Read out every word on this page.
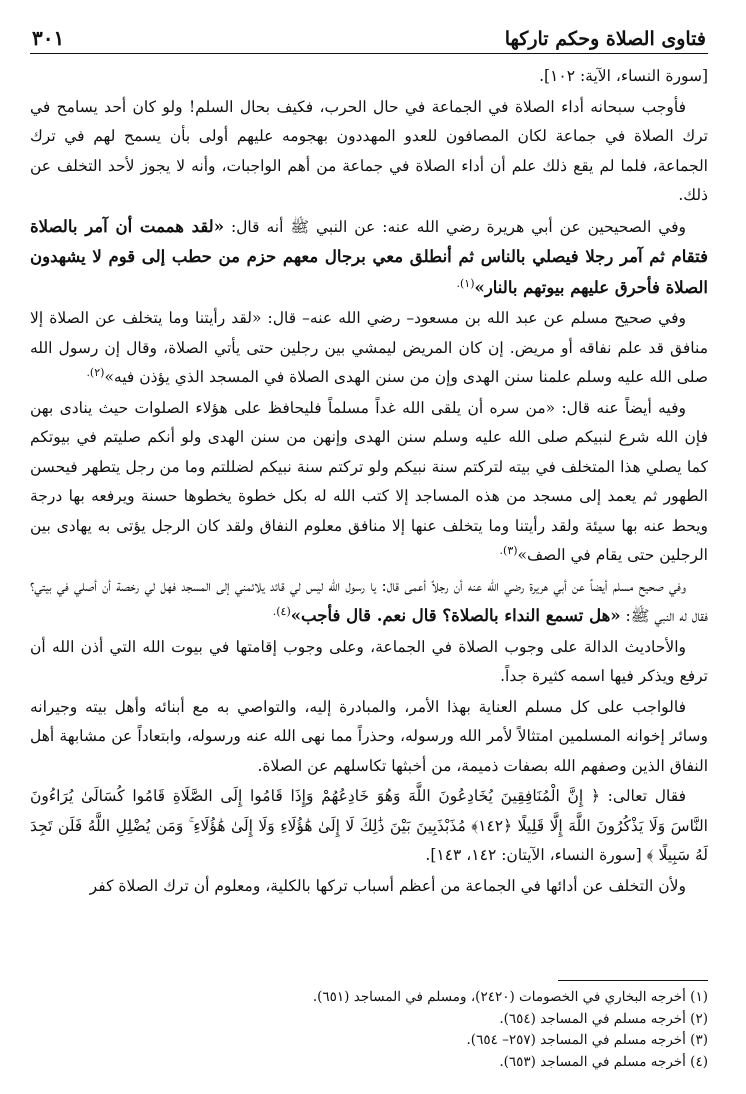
فتاوى الصلاة وحكم تاركها
٣٠١

[سورة النساء، الآية: ١٠٢].

فأوجب سبحانه أداء الصلاة في الجماعة في حال الحرب، فكيف بحال السلم! ولو كان أحد يسامح في ترك الصلاة في جماعة لكان المصافون للعدو المهددون بهجومه عليهم أولى بأن يسمح لهم في ترك الجماعة، فلما لم يقع ذلك علم أن أداء الصلاة في جماعة من أهم الواجبات، وأنه لا يجوز لأحد التخلف عن ذلك.

وفي الصحيحين عن أبي هريرة رضي الله عنه: عن النبي ﷺ أنه قال: «لقد هممت أن آمر بالصلاة فتقام ثم آمر رجلا فيصلي بالناس ثم أنطلق معي برجال معهم حزم من حطب إلى قوم لا يشهدون الصلاة فأحرق عليهم بيوتهم بالنار»$^{(١).}$

وفي صحيح مسلم عن عبد الله بن مسعود– رضي الله عنه– قال: «لقد رأيتنا وما يتخلف عن الصلاة إلا منافق قد علم نفاقه أو مريض. إن كان المريض ليمشي بين رجلين حتى يأتي الصلاة، وقال إن رسول الله صلى الله عليه وسلم علمنا سنن الهدى وإن من سنن الهدى الصلاة في المسجد الذي يؤذن فيه»$^{(٢).}$

وفيه أيضاً عنه قال: «من سره أن يلقى الله غداً مسلماً فليحافظ على هؤلاء الصلوات حيث ينادى بهن فإن الله شرع لنبيكم صلى الله عليه وسلم سنن الهدى وإنهن من سنن الهدى ولو أنكم صليتم في بيوتكم كما يصلي هذا المتخلف في بيته لتركتم سنة نبيكم ولو تركتم سنة نبيكم لضللتم وما من رجل يتطهر فيحسن الطهور ثم يعمد إلى مسجد من هذه المساجد إلا كتب الله له بكل خطوة يخطوها حسنة ويرفعه بها درجة ويحط عنه بها سيئة ولقد رأيتنا وما يتخلف عنها إلا منافق معلوم النفاق ولقد كان الرجل يؤتى به يهادى بين الرجلين حتى يقام في الصف»$^{(٣).}$

وفي صحيح مسلم أيضاً عن أبي هريرة رضي الله عنه أن رجلاً أعمى قال: يا رسول الله ليس لي قائد يلائمني إلى المسجد فهل لي رخصة أن أصلي في بيتي؟ فقال له النبي ﷺ: «هل تسمع النداء بالصلاة؟ قال نعم. قال فأجب»$^{(٤).}$

والأحاديث الدالة على وجوب الصلاة في الجماعة، وعلى وجوب إقامتها في بيوت الله التي أذن الله أن ترفع ويذكر فيها اسمه كثيرة جداً.

فالواجب على كل مسلم العناية بهذا الأمر، والمبادرة إليه، والتواصي به مع أبنائه وأهل بيته وجيرانه وسائر إخوانه المسلمين امتثالاً لأمر الله ورسوله، وحذراً مما نهى الله عنه ورسوله، وابتعاداً عن مشابهة أهل النفاق الذين وصفهم الله بصفات ذميمة، من أخبثها تكاسلهم عن الصلاة.

فقال تعالى: ﴿ إِنَّ الْمُنَافِقِينَ يُخَادِعُونَ اللَّهَ وَهُوَ خَادِعُهُمْ وَإِذَا قَامُوا إِلَى الصَّلَاةِ قَامُوا كُسَالَىٰ يُرَاءُونَ النَّاسَ وَلَا يَذْكُرُونَ اللَّهَ إِلَّا قَلِيلًا ﴿١٤٢﴾ مُذَبْذَبِينَ بَيْنَ ذَٰلِكَ لَا إِلَىٰ هَٰؤُلَاءِ وَلَا إِلَىٰ هَٰؤُلَاءِ ۚ وَمَن يُضْلِلِ اللَّهُ فَلَن تَجِدَ لَهُ سَبِيلًا ﴾ [سورة النساء، الآيتان: ١٤٢، ١٤٣].

ولأن التخلف عن أدائها في الجماعة من أعظم أسباب تركها بالكلية، ومعلوم أن ترك الصلاة كفر

(١) أخرجه البخاري في الخصومات (٢٤٢٠)، ومسلم في المساجد (٦٥١).
(٢) أخرجه مسلم في المساجد (٦٥٤).
(٣) أخرجه مسلم في المساجد (٢٥٧– ٦٥٤).
(٤) أخرجه مسلم في المساجد (٦٥٣).
